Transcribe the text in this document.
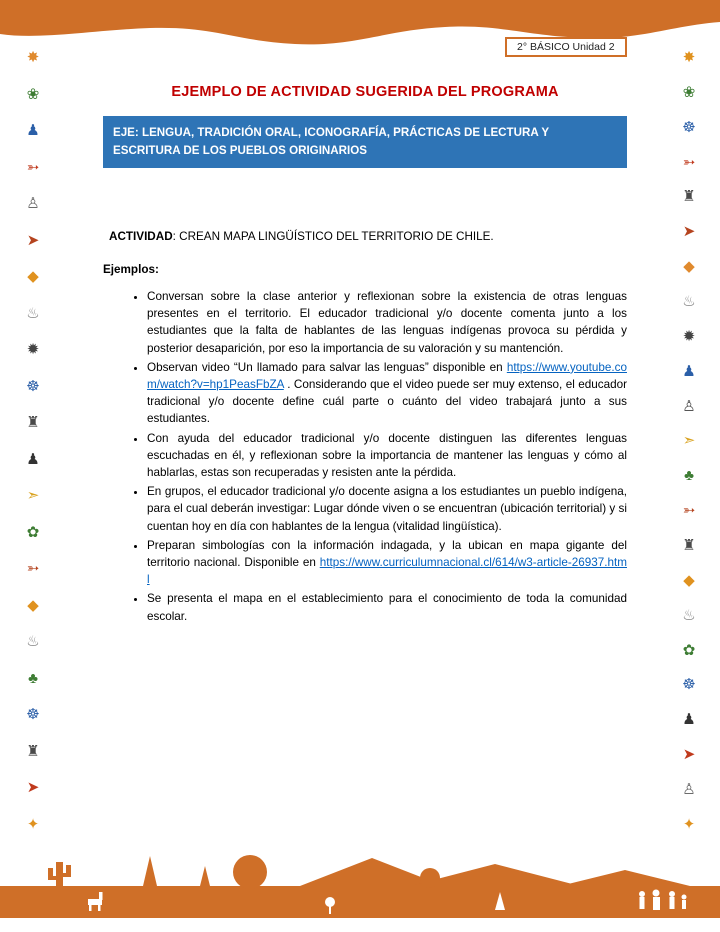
2° BÁSICO Unidad 2
✸
❀
♟
➳
♙
➤
◆
♨
✹
☸
♜
♟
➣
✿
➳
◆
♨
♣
☸
♜
➤
✦
✸
❀
☸
➳
♜
➤
◆
♨
✹
♟
♙
➣
♣
➳
♜
◆
♨
✿
☸
♟
➤
♙
✦
EJEMPLO DE ACTIVIDAD SUGERIDA DEL PROGRAMA
EJE: LENGUA, TRADICIÓN ORAL, ICONOGRAFÍA, PRÁCTICAS DE LECTURA Y ESCRITURA DE LOS PUEBLOS ORIGINARIOS

ACTIVIDAD: CREAN MAPA LINGÜÍSTICO DEL TERRITORIO DE CHILE.

Ejemplos:

• Conversan sobre la clase anterior y reflexionan sobre la existencia de otras lenguas presentes en el territorio. El educador tradicional y/o docente comenta junto a los estudiantes que la falta de hablantes de las lenguas indígenas provoca su pérdida y posterior desaparición, por eso la importancia de su valoración y su mantención.
• Observan video “Un llamado para salvar las lenguas” disponible en https://www.youtube.com/watch?v=hp1PeasFbZA . Considerando que el video puede ser muy extenso, el educador tradicional y/o docente define cuál parte o cuánto del video trabajará junto a sus estudiantes.
• Con ayuda del educador tradicional y/o docente distinguen las diferentes lenguas escuchadas en él, y reflexionan sobre la importancia de mantener las lenguas y cómo al hablarlas, estas son recuperadas y resisten ante la pérdida.
• En grupos, el educador tradicional y/o docente asigna a los estudiantes un pueblo indígena, para el cual deberán investigar: Lugar dónde viven o se encuentran (ubicación territorial) y si cuentan hoy en día con hablantes de la lengua (vitalidad lingüística).
• Preparan simbologías con la información indagada, y la ubican en mapa gigante del territorio nacional. Disponible en https://www.curriculumnacional.cl/614/w3-article-26937.html
• Se presenta el mapa en el establecimiento para el conocimiento de toda la comunidad escolar.
